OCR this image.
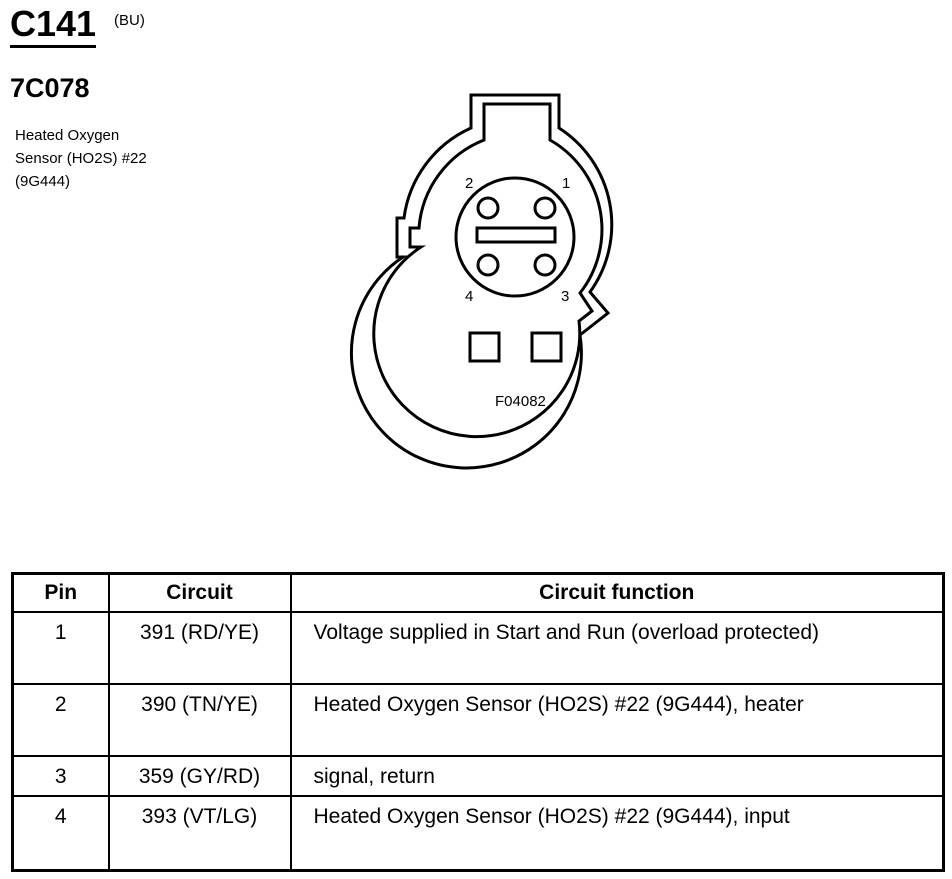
C141 (BU)
7C078
Heated Oxygen
Sensor (HO2S) #22
(9G444)	1
2
3
4
F04082
Pin	Circuit	Circuit function
1	391 (RD/YE)	Voltage supplied in Start and Run (overload protected)
2	390 (TN/YE)	Heated Oxygen Sensor (HO2S) #22 (9G444), heater
3	359 (GY/RD)	signal, return
4	393 (VT/LG)	Heated Oxygen Sensor (HO2S) #22 (9G444), input
